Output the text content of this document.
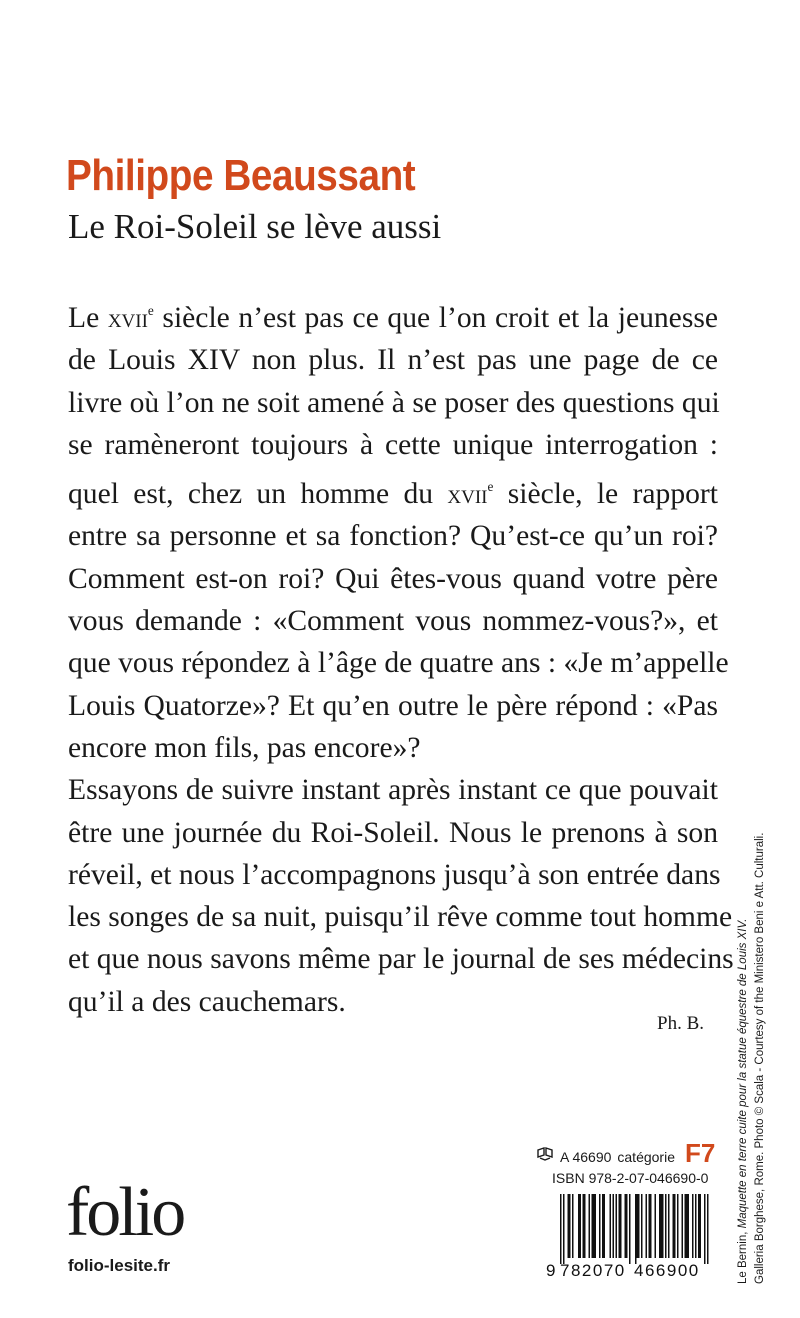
Philippe Beaussant
Le Roi-Soleil se lève aussi
Le xvii$^e$ siècle n’est pas ce que l’on croit et la jeunesse
de Louis XIV non plus. Il n’est pas une page de ce
livre où l’on ne soit amené à se poser des questions qui
se ramèneront toujours à cette unique interrogation :
quel est, chez un homme du xvii$^e$ siècle, le rapport
entre sa personne et sa fonction? Qu’est-ce qu’un roi?
Comment est-on roi? Qui êtes-vous quand votre père
vous demande : «Comment vous nommez-vous?», et
que vous répondez à l’âge de quatre ans : «Je m’appelle
Louis Quatorze»? Et qu’en outre le père répond : «Pas
encore mon fils, pas encore»?
Essayons de suivre instant après instant ce que pouvait
être une journée du Roi-Soleil. Nous le prenons à son
réveil, et nous l’accompagnons jusqu’à son entrée dans
les songes de sa nuit, puisqu’il rêve comme tout homme
et que nous savons même par le journal de ses médecins
qu’il a des cauchemars.
Ph. B.
A 46690 catégorie F7
ISBN 978-2-07-046690-0
9 782070 466900
folio
folio-lesite.fr	Le Bernin, Maquette en terre cuite pour la statue équestre de Louis XIV. Galleria Borghese, Rome. Photo © Scala - Courtesy of the Ministero Beni e Att. Culturali.
